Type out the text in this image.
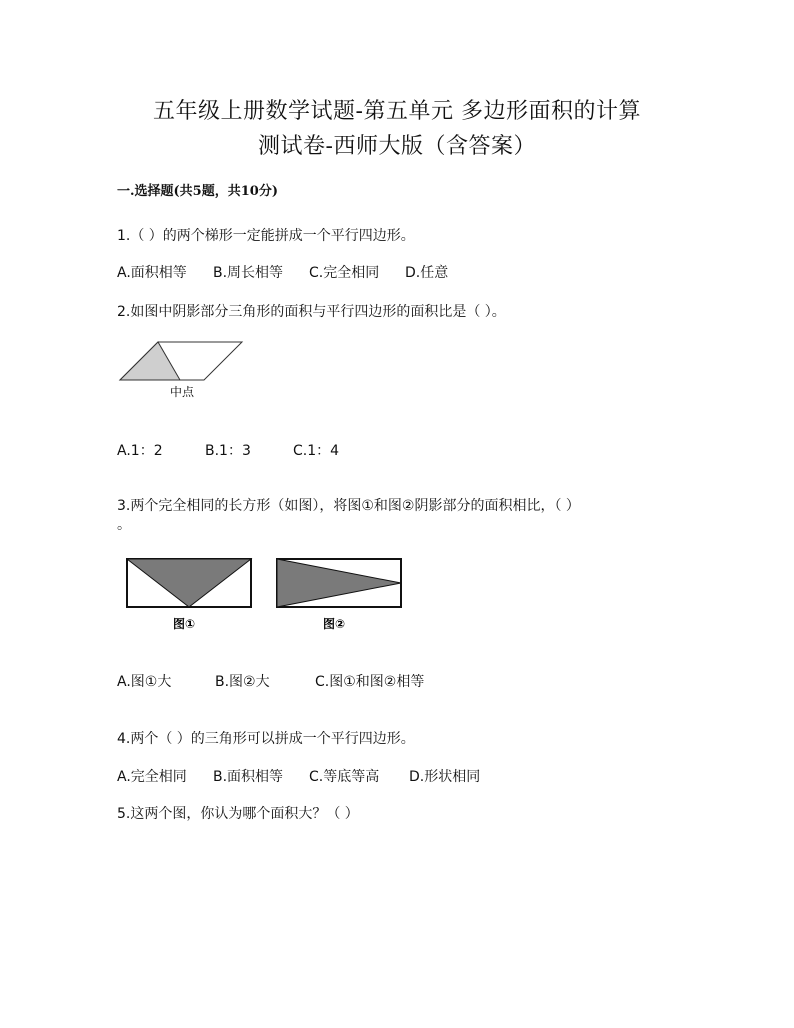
五年级上册数学试题-第五单元 多边形面积的计算
测试卷-西师大版（含答案）
一.选择题(共5题，共10分)
1.（ ）的两个梯形一定能拼成一个平行四边形。
A.面积相等 B.周长相等 C.完全相同 D.任意
2.如图中阴影部分三角形的面积与平行四边形的面积比是（ ）。
中点
A.1：2	B.1：3	C.1：4
3.两个完全相同的长方形（如图），将图①和图②阴影部分的面积相比，（ ）
。
图①	图②
A.图①大	B.图②大	C.图①和图②相等
4.两个（ ）的三角形可以拼成一个平行四边形。
A.完全相同 B.面积相等 C.等底等高 D.形状相同
5.这两个图，你认为哪个面积大？（ ）
